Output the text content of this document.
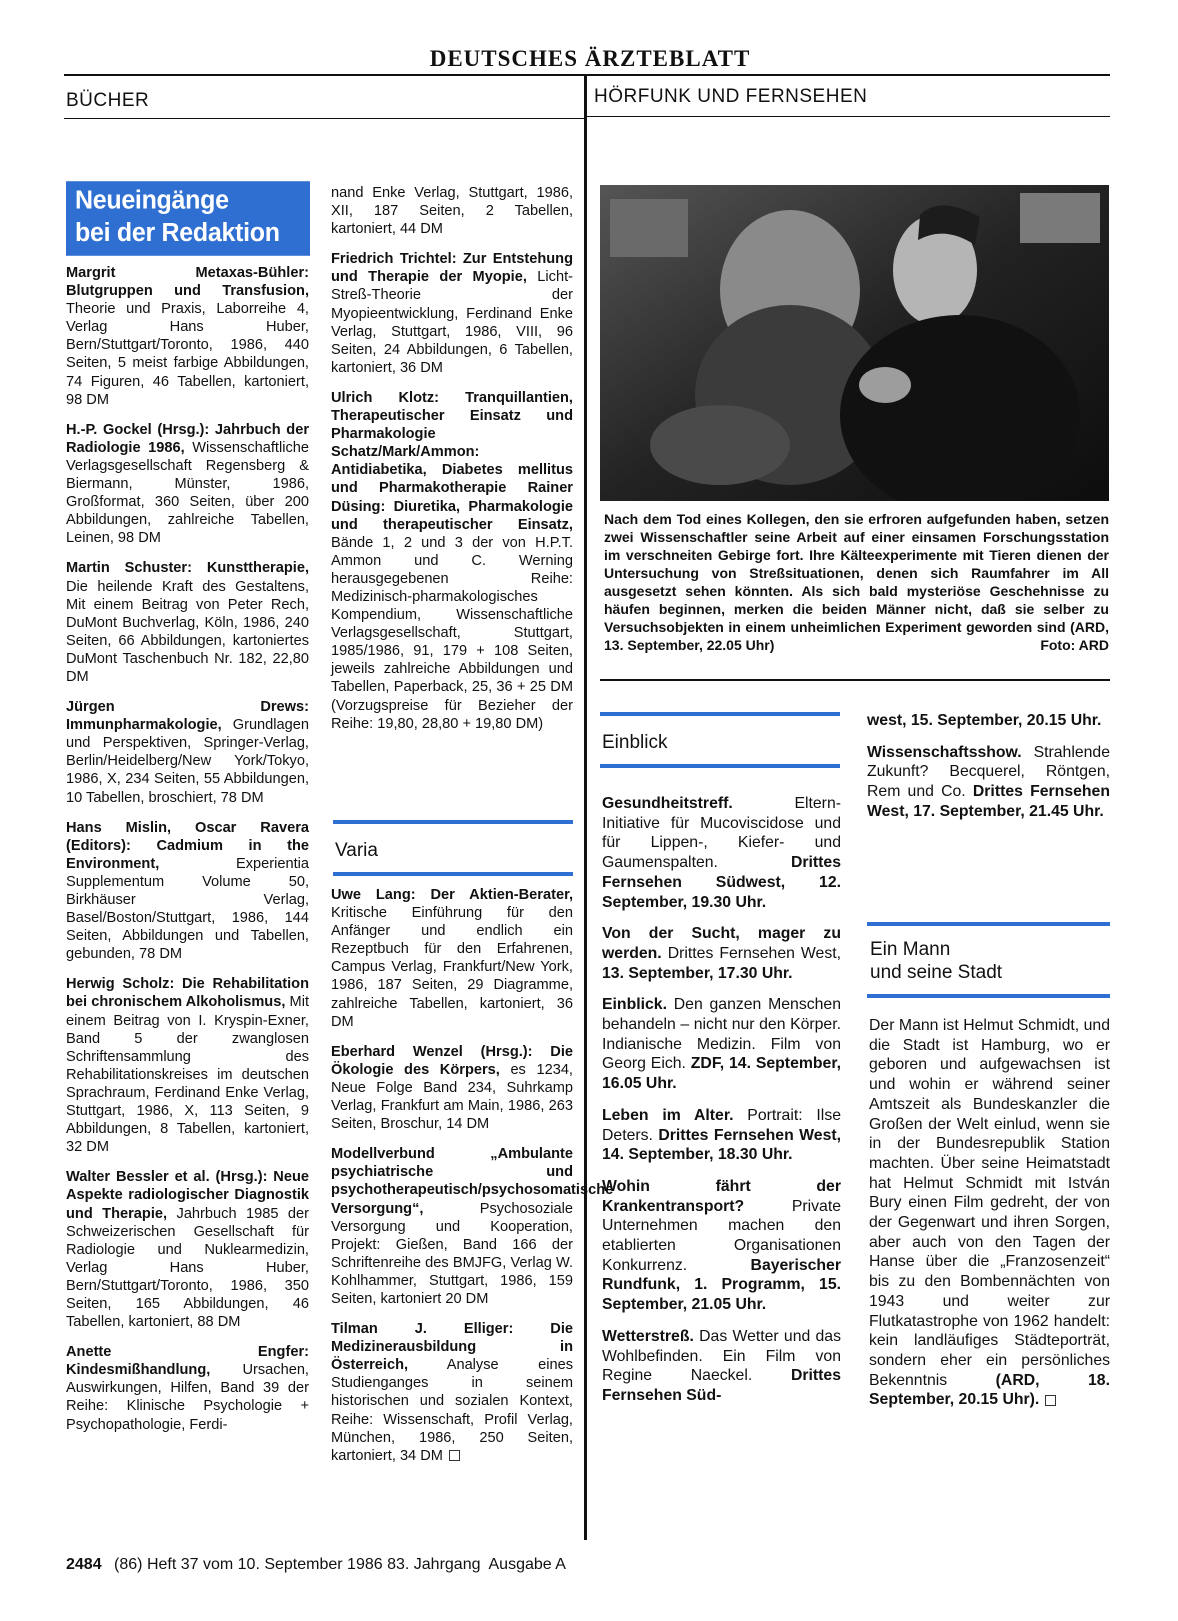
DEUTSCHES ÄRZTEBLATT
BÜCHER	HÖRFUNK UND FERNSEHEN
Neueingänge
bei der Redaktion

Margrit Metaxas-Bühler: Blutgruppen und Transfusion, Theorie und Praxis, Laborreihe 4, Verlag Hans Huber, Bern/Stuttgart/Toronto, 1986, 440 Seiten, 5 meist farbige Abbildungen, 74 Figuren, 46 Tabellen, kartoniert, 98 DM

H.-P. Gockel (Hrsg.): Jahrbuch der Radiologie 1986, Wissenschaftliche Verlagsgesellschaft Regensberg & Biermann, Münster, 1986, Großformat, 360 Seiten, über 200 Abbildungen, zahlreiche Tabellen, Leinen, 98 DM

Martin Schuster: Kunsttherapie, Die heilende Kraft des Gestaltens, Mit einem Beitrag von Peter Rech, DuMont Buchverlag, Köln, 1986, 240 Seiten, 66 Abbildungen, kartoniertes DuMont Taschenbuch Nr. 182, 22,80 DM

Jürgen Drews: Immunpharmakologie, Grundlagen und Perspektiven, Springer-Verlag, Berlin/Heidelberg/New York/Tokyo, 1986, X, 234 Seiten, 55 Abbildungen, 10 Tabellen, broschiert, 78 DM

Hans Mislin, Oscar Ravera (Editors): Cadmium in the Environment, Experientia Supplementum Volume 50, Birkhäuser Verlag, Basel/Boston/Stuttgart, 1986, 144 Seiten, Abbildungen und Tabellen, gebunden, 78 DM

Herwig Scholz: Die Rehabilitation bei chronischem Alkoholismus, Mit einem Beitrag von I. Kryspin-Exner, Band 5 der zwanglosen Schriftensammlung des Rehabilitationskreises im deutschen Sprachraum, Ferdinand Enke Verlag, Stuttgart, 1986, X, 113 Seiten, 9 Abbildungen, 8 Tabellen, kartoniert, 32 DM

Walter Bessler et al. (Hrsg.): Neue Aspekte radiologischer Diagnostik und Therapie, Jahrbuch 1985 der Schweizerischen Gesellschaft für Radiologie und Nuklearmedizin, Verlag Hans Huber, Bern/Stuttgart/Toronto, 1986, 350 Seiten, 165 Abbildungen, 46 Tabellen, kartoniert, 88 DM

Anette Engfer: Kindesmißhandlung, Ursachen, Auswirkungen, Hilfen, Band 39 der Reihe: Klinische Psychologie + Psychopathologie, Ferdi-

nand Enke Verlag, Stuttgart, 1986, XII, 187 Seiten, 2 Tabellen, kartoniert, 44 DM

Friedrich Trichtel: Zur Entstehung und Therapie der Myopie, Licht-Streß-Theorie der Myopieentwicklung, Ferdinand Enke Verlag, Stuttgart, 1986, VIII, 96 Seiten, 24 Abbildungen, 6 Tabellen, kartoniert, 36 DM

Ulrich Klotz: Tranquillantien, Therapeutischer Einsatz und Pharmakologie Schatz/Mark/Ammon: Antidiabetika, Diabetes mellitus und Pharmakotherapie Rainer Düsing: Diuretika, Pharmakologie und therapeutischer Einsatz, Bände 1, 2 und 3 der von H.P.T. Ammon und C. Werning herausgegebenen Reihe: Medizinisch-pharmakologisches Kompendium, Wissenschaftliche Verlagsgesellschaft, Stuttgart, 1985/1986, 91, 179 + 108 Seiten, jeweils zahlreiche Abbildungen und Tabellen, Paperback, 25, 36 + 25 DM (Vorzugspreise für Bezieher der Reihe: 19,80, 28,80 + 19,80 DM)

Varia

Uwe Lang: Der Aktien-Berater, Kritische Einführung für den Anfänger und endlich ein Rezeptbuch für den Erfahrenen, Campus Verlag, Frankfurt/New York, 1986, 187 Seiten, 29 Diagramme, zahlreiche Tabellen, kartoniert, 36 DM

Eberhard Wenzel (Hrsg.): Die Ökologie des Körpers, es 1234, Neue Folge Band 234, Suhrkamp Verlag, Frankfurt am Main, 1986, 263 Seiten, Broschur, 14 DM

Modellverbund „Ambulante psychiatrische und psychotherapeutisch/psychosomatische Versorgung“, Psychosoziale Versorgung und Kooperation, Projekt: Gießen, Band 166 der Schriftenreihe des BMJFG, Verlag W. Kohlhammer, Stuttgart, 1986, 159 Seiten, kartoniert 20 DM

Tilman J. Elliger: Die Medizinerausbildung in Österreich, Analyse eines Studienganges in seinem historischen und sozialen Kontext, Reihe: Wissenschaft, Profil Verlag, München, 1986, 250 Seiten, kartoniert, 34 DM

Nach dem Tod eines Kollegen, den sie erfroren aufgefunden haben, setzen zwei Wissenschaftler seine Arbeit auf einer einsamen Forschungsstation im verschneiten Gebirge fort. Ihre Kälteexperimente mit Tieren dienen der Untersuchung von Streßsituationen, denen sich Raumfahrer im All ausgesetzt sehen könnten. Als sich bald mysteriöse Geschehnisse zu häufen beginnen, merken die beiden Männer nicht, daß sie selber zu Versuchsobjekten in einem unheimlichen Experiment geworden sind (ARD, 13. September, 22.05 Uhr)	Foto: ARD
Einblick

Gesundheitstreff. Eltern-Initiative für Mucoviscidose und für Lippen-, Kiefer- und Gaumenspalten. Drittes Fernsehen Südwest, 12. September, 19.30 Uhr.

Von der Sucht, mager zu werden. Drittes Fernsehen West, 13. September, 17.30 Uhr.

Einblick. Den ganzen Menschen behandeln – nicht nur den Körper. Indianische Medizin. Film von Georg Eich. ZDF, 14. September, 16.05 Uhr.

Leben im Alter. Portrait: Ilse Deters. Drittes Fernsehen West, 14. September, 18.30 Uhr.

Wohin fährt der Krankentransport? Private Unternehmen machen den etablierten Organisationen Konkurrenz. Bayerischer Rundfunk, 1. Programm, 15. September, 21.05 Uhr.

Wetterstreß. Das Wetter und das Wohlbefinden. Ein Film von Regine Naeckel. Drittes Fernsehen Süd-

west, 15. September, 20.15 Uhr.

Wissenschaftsshow. Strahlende Zukunft? Becquerel, Röntgen, Rem und Co. Drittes Fernsehen West, 17. September, 21.45 Uhr.

Ein Mann
und seine Stadt
Der Mann ist Helmut Schmidt, und die Stadt ist Hamburg, wo er geboren und aufgewachsen ist und wohin er während seiner Amtszeit als Bundeskanzler die Großen der Welt einlud, wenn sie in der Bundesrepublik Station machten. Über seine Heimatstadt hat Helmut Schmidt mit István Bury einen Film gedreht, der von der Gegenwart und ihren Sorgen, aber auch von den Tagen der Hanse über die „Franzosenzeit“ bis zu den Bombennächten von 1943 und weiter zur Flutkatastrophe von 1962 handelt: kein landläufiges Städteporträt, sondern eher ein persönliches Bekenntnis (ARD, 18. September, 20.15 Uhr).
2484 (86) Heft 37 vom 10. September 1986 83. Jahrgang  Ausgabe A
